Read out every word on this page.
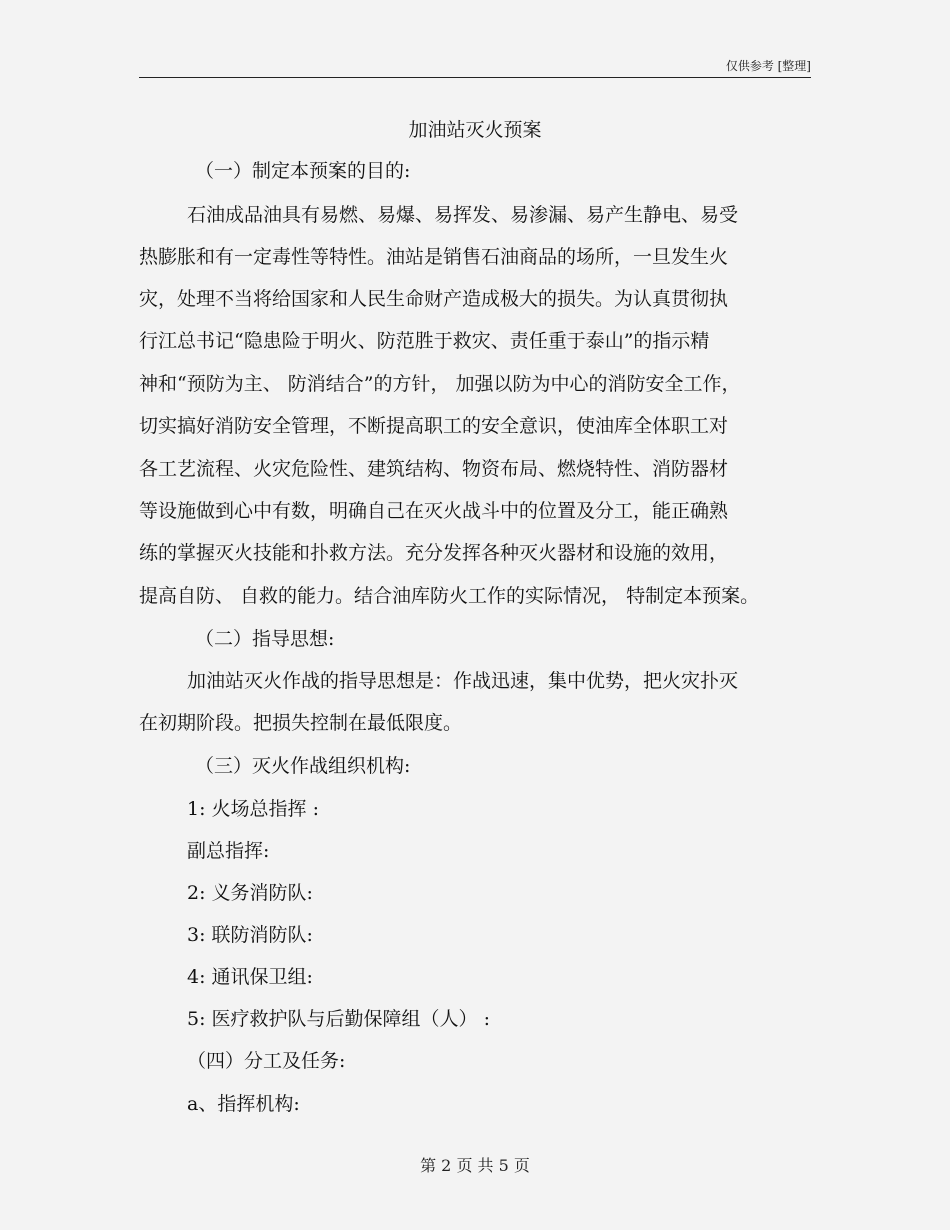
仅供参考 [整理]
加油站灭火预案
（一）制定本预案的目的:
石油成品油具有易燃、易爆、易挥发、易渗漏、易产生静电、易受
热膨胀和有一定毒性等特性。油站是销售石油商品的场所，一旦发生火
灾，处理不当将给国家和人民生命财产造成极大的损失。为认真贯彻执
行江总书记“隐患险于明火、防范胜于救灾、责任重于泰山”的指示精
神和“预防为主、 防消结合”的方针， 加强以防为中心的消防安全工作，
切实搞好消防安全管理，不断提高职工的安全意识，使油库全体职工对
各工艺流程、火灾危险性、建筑结构、物资布局、燃烧特性、消防器材
等设施做到心中有数，明确自己在灭火战斗中的位置及分工，能正确熟
练的掌握灭火技能和扑救方法。充分发挥各种灭火器材和设施的效用，
提高自防、 自救的能力。结合油库防火工作的实际情况， 特制定本预案。
（二）指导思想:
加油站灭火作战的指导思想是：作战迅速，集中优势，把火灾扑灭
在初期阶段。把损失控制在最低限度。
（三）灭火作战组织机构:
1: 火场总指挥 :
副总指挥:
2: 义务消防队:
3: 联防消防队:
4: 通讯保卫组:
5: 医疗救护队与后勤保障组（人） :
（四）分工及任务:
a、指挥机构:
第 2 页 共 5 页
